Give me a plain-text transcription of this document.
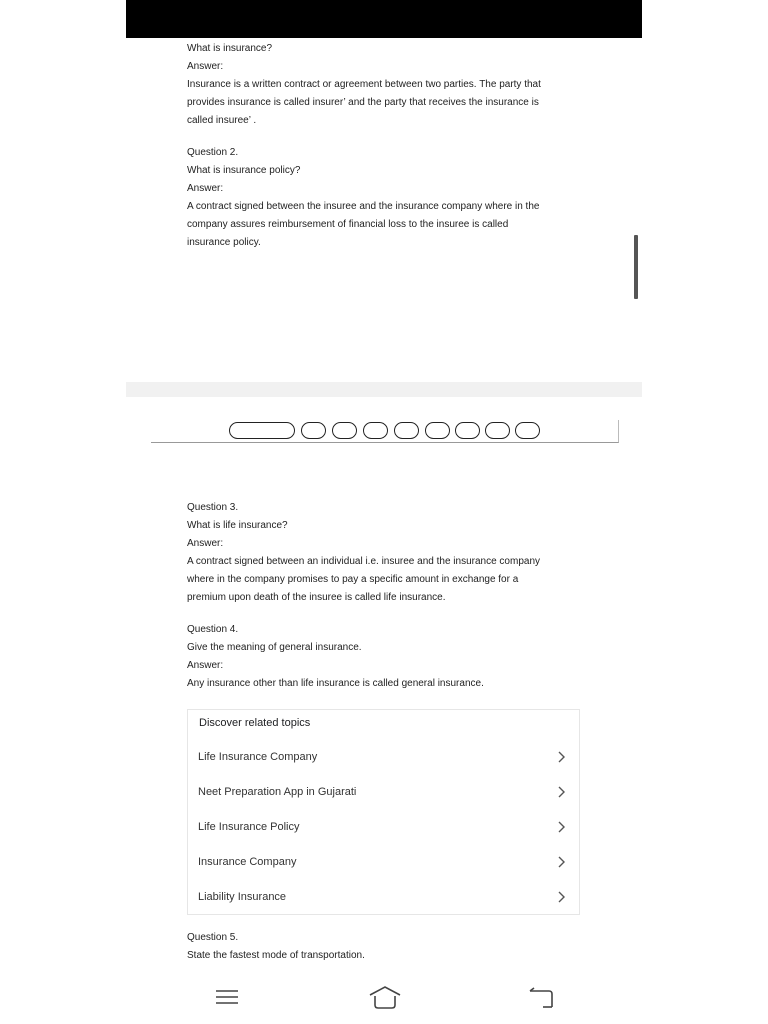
What is insurance?

Answer:

Insurance is a written contract or agreement between two parties. The party that

provides insurance is called insurer’ and the party that receives the insurance is

called insuree’ .

Question 2.

What is insurance policy?

Answer:

A contract signed between the insuree and the insurance company where in the

company assures reimbursement of financial loss to the insuree is called

insurance policy.

Question 3.

What is life insurance?

Answer:

A contract signed between an individual i.e. insuree and the insurance company

where in the company promises to pay a specific amount in exchange for a

premium upon death of the insuree is called life insurance.

Question 4.

Give the meaning of general insurance.

Answer:

Any insurance other than life insurance is called general insurance.

Discover related topics
Life Insurance Company
Neet Preparation App in Gujarati
Life Insurance Policy
Insurance Company
Liability Insurance

Question 5.

State the fastest mode of transportation.
